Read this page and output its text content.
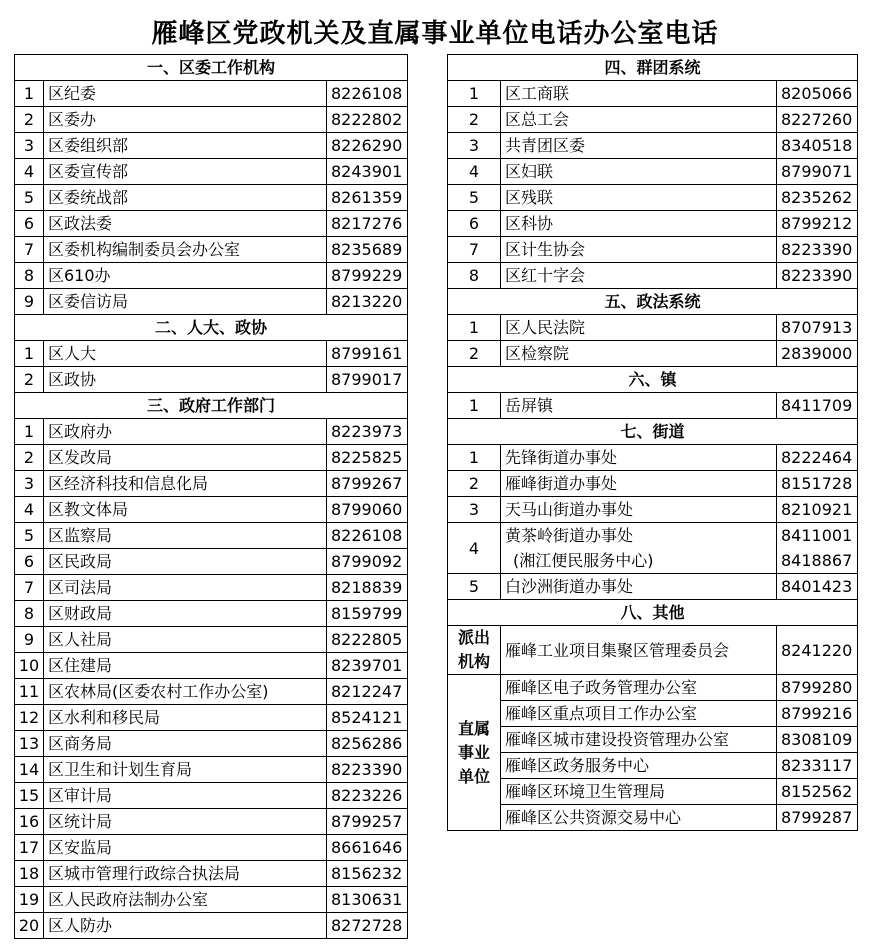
雁峰区党政机关及直属事业单位电话办公室电话
一、区委工作机构		
1	区纪委	8226108
2	区委办	8222802
3	区委组织部	8226290
4	区委宣传部	8243901
5	区委统战部	8261359
6	区政法委	8217276
7	区委机构编制委员会办公室	8235689
8	区610办	8799229
9	区委信访局	8213220
二、人大、政协		
1	区人大	8799161
2	区政协	8799017
三、政府工作部门		
1	区政府办	8223973
2	区发改局	8225825
3	区经济科技和信息化局	8799267
4	区教文体局	8799060
5	区监察局	8226108
6	区民政局	8799092
7	区司法局	8218839
8	区财政局	8159799
9	区人社局	8222805
10	区住建局	8239701
11	区农林局(区委农村工作办公室)	8212247
12	区水利和移民局	8524121
13	区商务局	8256286
14	区卫生和计划生育局	8223390
15	区审计局	8223226
16	区统计局	8799257
17	区安监局	8661646
18	区城市管理行政综合执法局	8156232
19	区人民政府法制办公室	8130631
20	区人防办	8272728
四、群团系统		
1	区工商联	8205066
2	区总工会	8227260
3	共青团区委	8340518
4	区妇联	8799071
5	区残联	8235262
6	区科协	8799212
7	区计生协会	8223390
8	区红十字会	8223390
五、政法系统		
1	区人民法院	8707913
2	区检察院	2839000
六、镇		
1	岳屏镇	8411709
七、街道		
1	先锋街道办事处	8222464
2	雁峰街道办事处	8151728
3	天马山街道办事处	8210921
4	黄茶岭街道办事处	8411001
	(湘江便民服务中心)	8418867
5	白沙洲街道办事处	8401423
八、其他		

派出
机构	雁峰工业项目集聚区管理委员会	8241220

直属
事业
单位	雁峰区电子政务管理办公室	8799280
	雁峰区重点项目工作办公室	8799216
	雁峰区城市建设投资管理办公室	8308109
	雁峰区政务服务中心	8233117
	雁峰区环境卫生管理局	8152562
	雁峰区公共资源交易中心	8799287
